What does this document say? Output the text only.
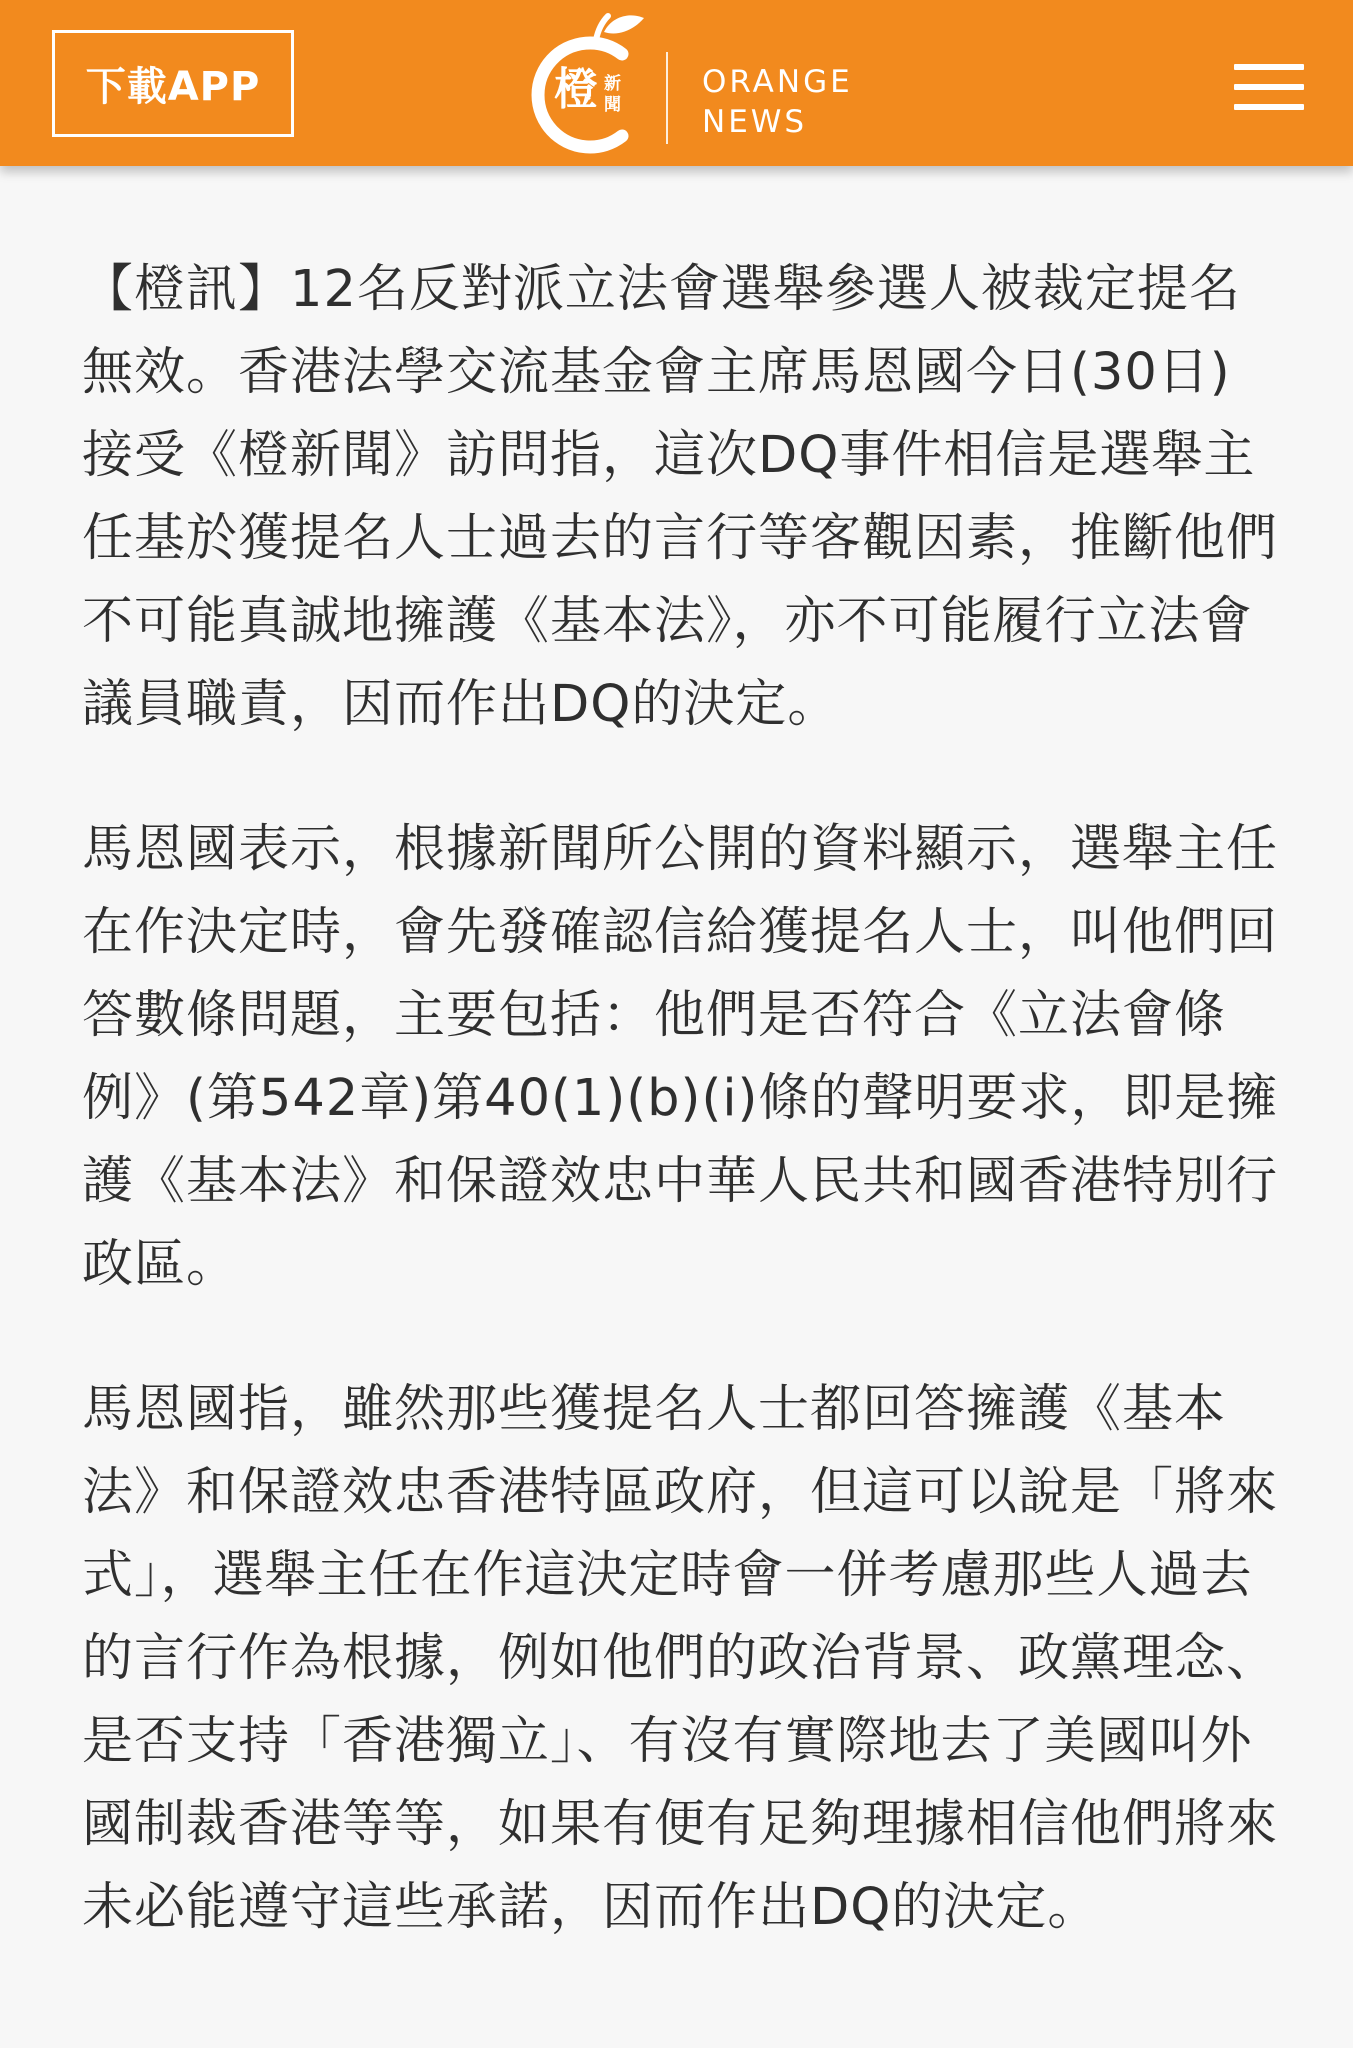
下載APP	橙 新聞
ORANGE
NEWS

【橙訊】12名反對派立法會選舉參選人被裁定提名無效。香港法學交流基金會主席馬恩國今日(30日)接受《橙新聞》訪問指，這次DQ事件相信是選舉主任基於獲提名人士過去的言行等客觀因素，推斷他們不可能真誠地擁護《基本法》，亦不可能履行立法會議員職責，因而作出DQ的決定。

馬恩國表示，根據新聞所公開的資料顯示，選舉主任在作決定時，會先發確認信給獲提名人士，叫他們回答數條問題，主要包括：他們是否符合《立法會條例》(第542章)第40(1)(b)(i)條的聲明要求，即是擁護《基本法》和保證效忠中華人民共和國香港特別行政區。

馬恩國指，雖然那些獲提名人士都回答擁護《基本法》和保證效忠香港特區政府，但這可以說是「將來式」，選舉主任在作這決定時會一併考慮那些人過去的言行作為根據，例如他們的政治背景、政黨理念、是否支持「香港獨立」、有沒有實際地去了美國叫外國制裁香港等等，如果有便有足夠理據相信他們將來未必能遵守這些承諾，因而作出DQ的決定。
